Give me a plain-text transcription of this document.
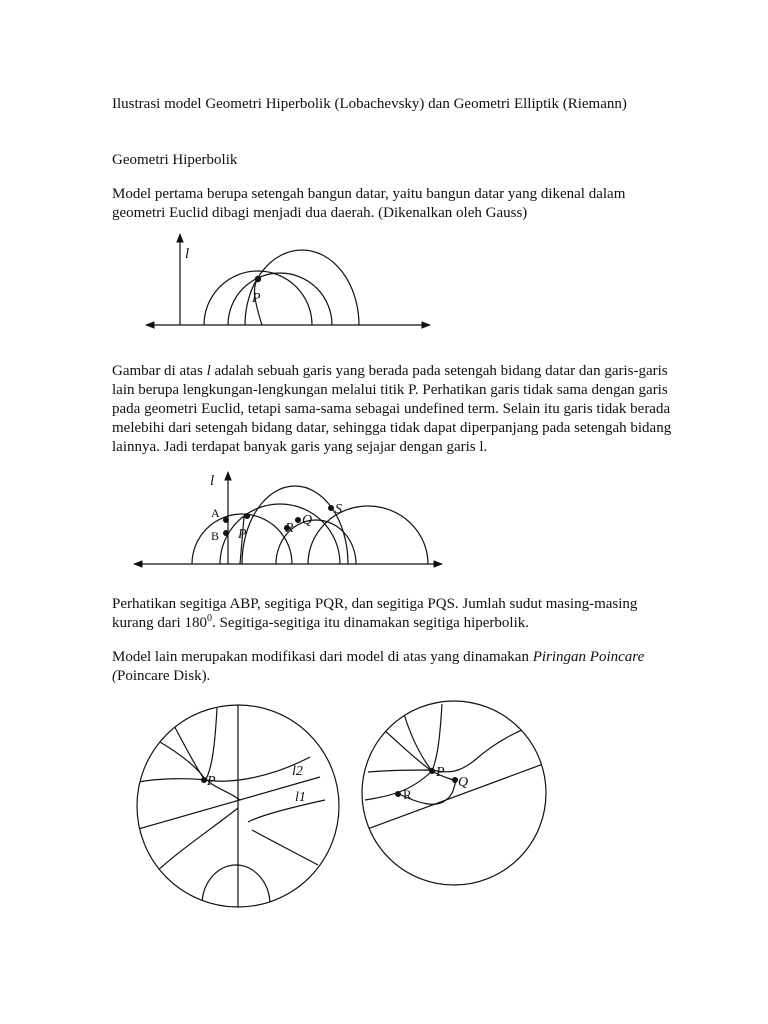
Ilustrasi model Geometri Hiperbolik (Lobachevsky) dan Geometri Elliptik (Riemann)

Geometri Hiperbolik

Model pertama berupa setengah bangun datar, yaitu bangun datar yang dikenal dalam geometri Euclid dibagi menjadi dua daerah. (Dikenalkan oleh Gauss)

l
P

Gambar di atas l adalah sebuah garis yang berada pada setengah bidang datar dan garis-garis lain berupa lengkungan-lengkungan melalui titik P. Perhatikan garis tidak sama dengan garis pada geometri Euclid, tetapi sama-sama sebagai undefined term. Selain itu garis tidak berada melebihi dari setengah bidang datar, sehingga tidak dapat diperpanjang pada setengah bidang lainnya. Jadi terdapat banyak garis yang sejajar dengan garis l.

l
A
B P	R
Q
S

Perhatikan segitiga ABP, segitiga PQR, dan segitiga PQS. Jumlah sudut masing-masing kurang dari $180^0$. Segitiga-segitiga itu dinamakan segitiga hiperbolik.

Model lain merupakan modifikasi dari model di atas yang dinamakan Piringan Poincare (Poincare Disk).

P
l2
l1
P
Q
R
